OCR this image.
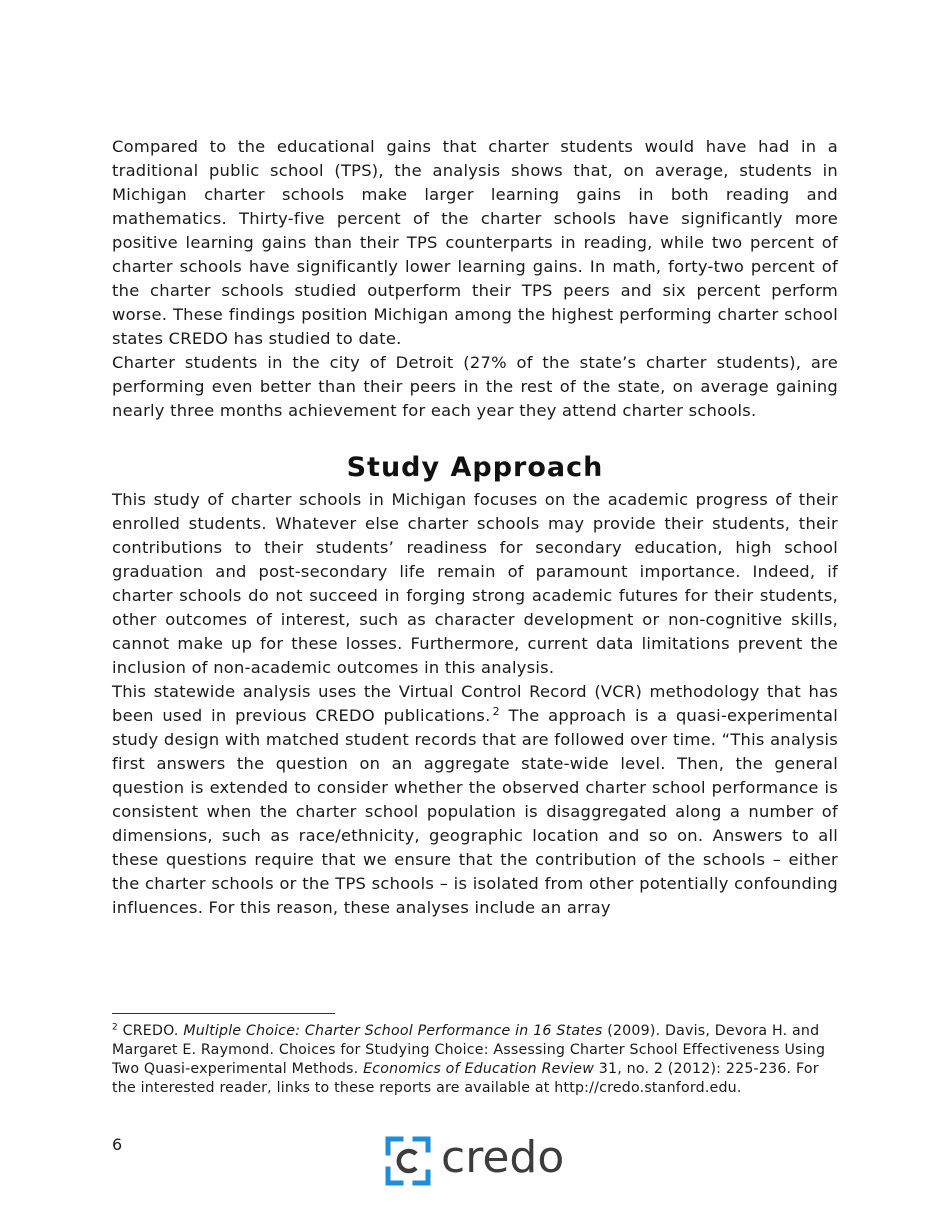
Compared to the educational gains that charter students would have had in a traditional public school (TPS), the analysis shows that, on average, students in Michigan charter schools make larger learning gains in both reading and mathematics. Thirty-five percent of the charter schools have significantly more positive learning gains than their TPS counterparts in reading, while two percent of charter schools have significantly lower learning gains. In math, forty-two percent of the charter schools studied outperform their TPS peers and six percent perform worse. These findings position Michigan among the highest performing charter school states CREDO has studied to date.

Charter students in the city of Detroit (27% of the state’s charter students), are performing even better than their peers in the rest of the state, on average gaining nearly three months achievement for each year they attend charter schools.

Study Approach

This study of charter schools in Michigan focuses on the academic progress of their enrolled students. Whatever else charter schools may provide their students, their contributions to their students’ readiness for secondary education, high school graduation and post-secondary life remain of paramount importance. Indeed, if charter schools do not succeed in forging strong academic futures for their students, other outcomes of interest, such as character development or non-cognitive skills, cannot make up for these losses. Furthermore, current data limitations prevent the inclusion of non-academic outcomes in this analysis.

This statewide analysis uses the Virtual Control Record (VCR) methodology that has been used in previous CREDO publications. $^2$ The approach is a quasi-experimental study design with matched student records that are followed over time. “This analysis first answers the question on an aggregate state-wide level. Then, the general question is extended to consider whether the observed charter school performance is consistent when the charter school population is disaggregated along a number of dimensions, such as race/ethnicity, geographic location and so on. Answers to all these questions require that we ensure that the contribution of the schools – either the charter schools or the TPS schools – is isolated from other potentially confounding influences. For this reason, these analyses include an array

$^2$ CREDO. Multiple Choice: Charter School Performance in 16 States (2009). Davis, Devora H. and Margaret E. Raymond. Choices for Studying Choice: Assessing Charter School Effectiveness Using Two Quasi-experimental Methods. Economics of Education Review 31, no. 2 (2012): 225-236. For the interested reader, links to these reports are available at http://credo.stanford.edu.
6	credo
